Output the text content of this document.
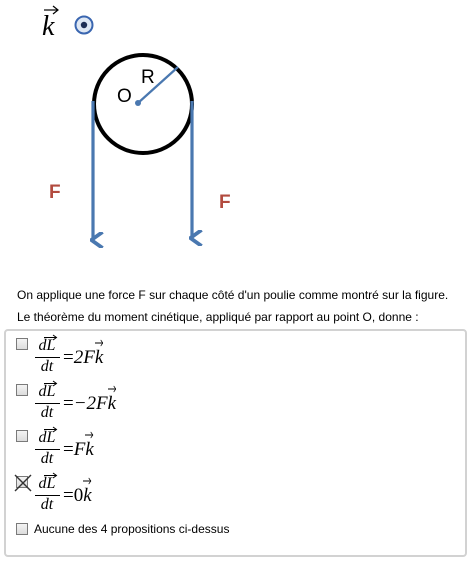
k
O
R
F	F
On applique une force F sur chaque côté d'un poulie comme montré sur la figure.
Le théorème du moment cinétique, appliqué par rapport au point O, donne :
dL
dt =2Fk
dL
dt =−2Fk
dL
dt =Fk
dL
dt =0k
Aucune des 4 propositions ci-dessus
